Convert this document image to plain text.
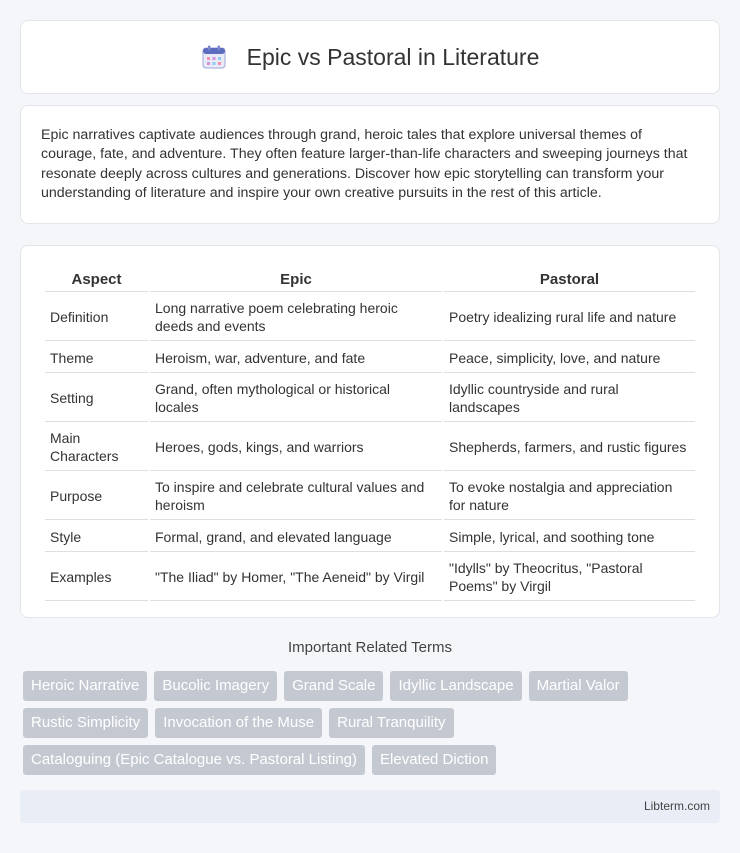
Epic vs Pastoral in Literature

Epic narratives captivate audiences through grand, heroic tales that explore universal themes of courage, fate, and adventure. They often feature larger-than-life characters and sweeping journeys that resonate deeply across cultures and generations. Discover how epic storytelling can transform your understanding of literature and inspire your own creative pursuits in the rest of this article.

Aspect	Epic	Pastoral
Definition	Long narrative poem celebrating heroic deeds and events	Poetry idealizing rural life and nature
Theme	Heroism, war, adventure, and fate	Peace, simplicity, love, and nature
Setting	Grand, often mythological or historical locales	Idyllic countryside and rural landscapes
Main Characters	Heroes, gods, kings, and warriors	Shepherds, farmers, and rustic figures
Purpose	To inspire and celebrate cultural values and heroism	To evoke nostalgia and appreciation for nature
Style	Formal, grand, and elevated language	Simple, lyrical, and soothing tone
Examples	"The Iliad" by Homer, "The Aeneid" by Virgil	"Idylls" by Theocritus, "Pastoral Poems" by Virgil
Important Related Terms
Heroic Narrative	Bucolic Imagery	Grand Scale	Idyllic Landscape	Martial Valor
Rustic Simplicity	Invocation of the Muse	Rural Tranquility
Cataloguing (Epic Catalogue vs. Pastoral Listing)	Elevated Diction
Libterm.com
